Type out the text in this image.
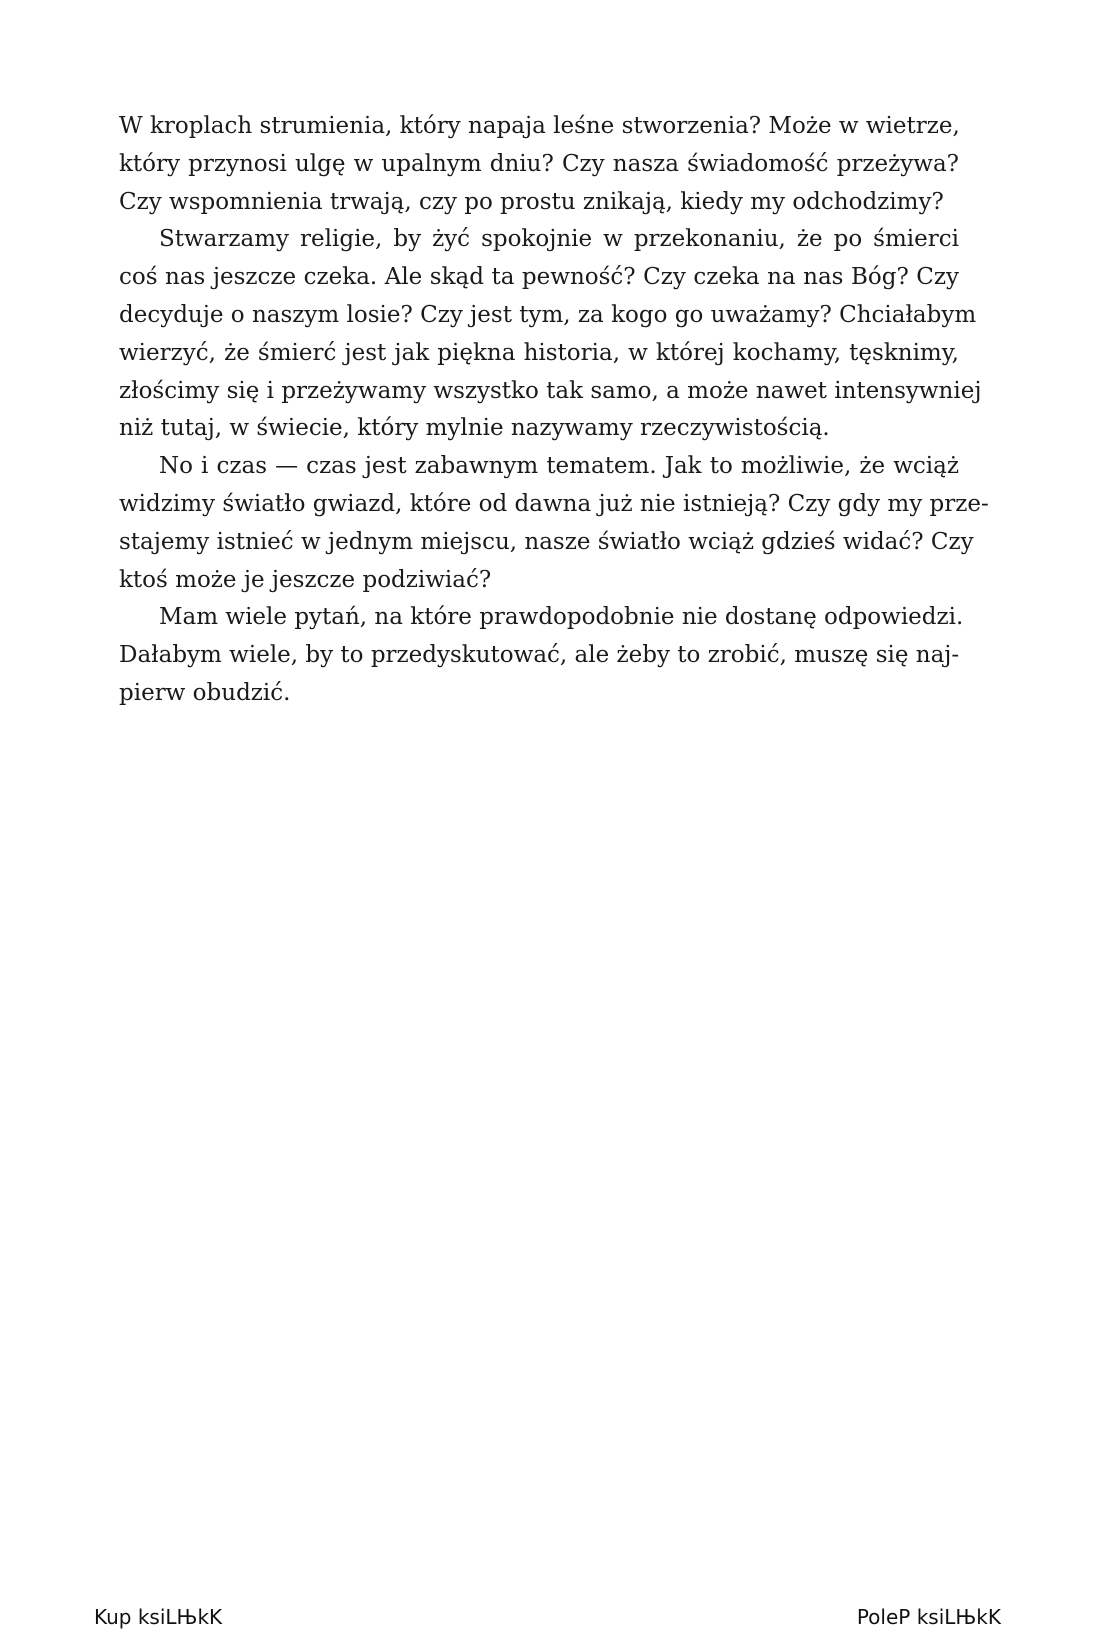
W kroplach strumienia, który napaja leśne stworzenia? Może w wietrze,
który przynosi ulgę w upalnym dniu? Czy nasza świadomość przeżywa?
Czy wspomnienia trwają, czy po prostu znikają, kiedy my odchodzimy?
Stwarzamy religie, by żyć spokojnie w przekonaniu, że po śmierci
coś nas jeszcze czeka. Ale skąd ta pewność? Czy czeka na nas Bóg? Czy
decyduje o naszym losie? Czy jest tym, za kogo go uważamy? Chciałabym
wierzyć, że śmierć jest jak piękna historia, w której kochamy, tęsknimy,
złościmy się i przeżywamy wszystko tak samo, a może nawet intensywniej
niż tutaj, w świecie, który mylnie nazywamy rzeczywistością.
No i czas — czas jest zabawnym tematem. Jak to możliwie, że wciąż
widzimy światło gwiazd, które od dawna już nie istnieją? Czy gdy my prze-
stajemy istnieć w jednym miejscu, nasze światło wciąż gdzieś widać? Czy
ktoś może je jeszcze podziwiać?
Mam wiele pytań, na które prawdopodobnie nie dostanę odpowiedzi.
Dałabym wiele, by to przedyskutować, ale żeby to zrobić, muszę się naj-
pierw obudzić.
Kup ksiLЊkK	PoleP ksiLЊkK
